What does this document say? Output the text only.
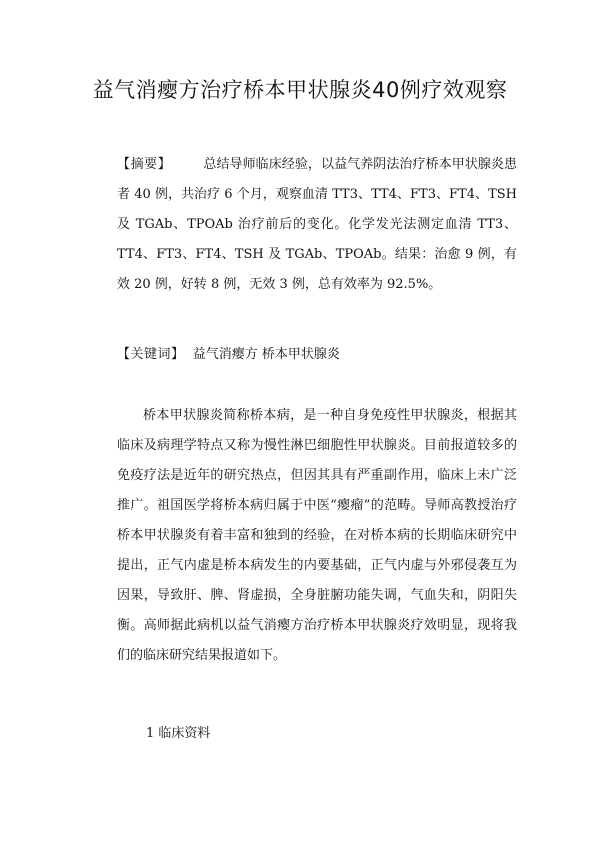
益气消瘿方治疗桥本甲状腺炎40例疗效观察

【摘要】 总结导师临床经验，以益气养阴法治疗桥本甲状腺炎患者 40 例，共治疗 6 个月，观察血清 TT3、TT4、FT3、FT4、TSH 及 TGAb、TPOAb 治疗前后的变化。化学发光法测定血清 TT3、TT4、FT3、FT4、TSH 及 TGAb、TPOAb。结果：治愈 9 例，有效 20 例，好转 8 例，无效 3 例，总有效率为 92.5%。

【关键词】 益气消瘿方 桥本甲状腺炎

桥本甲状腺炎简称桥本病，是一种自身免疫性甲状腺炎，根据其临床及病理学特点又称为慢性淋巴细胞性甲状腺炎。目前报道较多的免疫疗法是近年的研究热点，但因其具有严重副作用，临床上未广泛推广。祖国医学将桥本病归属于中医“瘿瘤”的范畴。导师高教授治疗桥本甲状腺炎有着丰富和独到的经验，在对桥本病的长期临床研究中提出，正气内虚是桥本病发生的内要基础，正气内虚与外邪侵袭互为因果，导致肝、脾、肾虚损，全身脏腑功能失调，气血失和，阴阳失衡。高师据此病机以益气消瘿方治疗桥本甲状腺炎疗效明显，现将我们的临床研究结果报道如下。

1 临床资料
